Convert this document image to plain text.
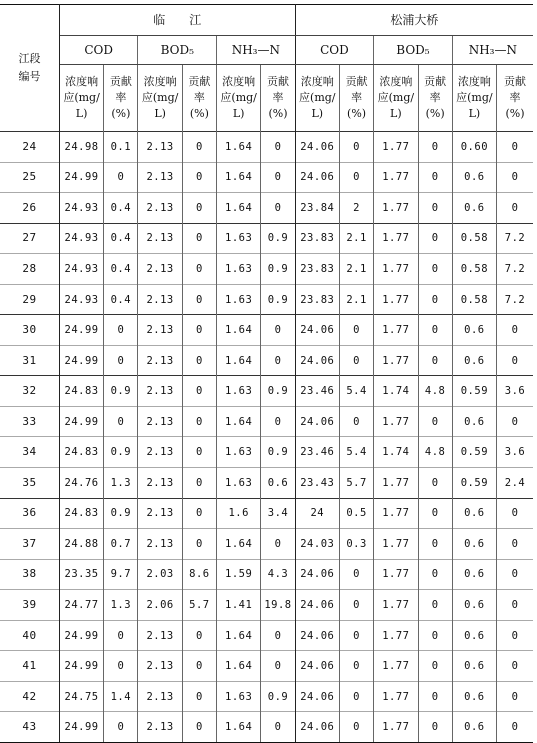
江段编号	临　　江						松浦大桥					
	COD		BOD₅		NH₃—N		COD		BOD₅		NH₃—N	
	浓度响应(mg/L)	贡献率(%)	浓度响应(mg/L)	贡献率(%)	浓度响应(mg/L)	贡献率(%)	浓度响应(mg/L)	贡献率(%)	浓度响应(mg/L)	贡献率(%)	浓度响应(mg/L)	贡献率(%)
24	24.98	0.1	2.13	0	1.64	0	24.06	0	1.77	0	0.60	0
25	24.99	0	2.13	0	1.64	0	24.06	0	1.77	0	0.6	0
26	24.93	0.4	2.13	0	1.64	0	23.84	2	1.77	0	0.6	0
27	24.93	0.4	2.13	0	1.63	0.9	23.83	2.1	1.77	0	0.58	7.2
28	24.93	0.4	2.13	0	1.63	0.9	23.83	2.1	1.77	0	0.58	7.2
29	24.93	0.4	2.13	0	1.63	0.9	23.83	2.1	1.77	0	0.58	7.2
30	24.99	0	2.13	0	1.64	0	24.06	0	1.77	0	0.6	0
31	24.99	0	2.13	0	1.64	0	24.06	0	1.77	0	0.6	0
32	24.83	0.9	2.13	0	1.63	0.9	23.46	5.4	1.74	4.8	0.59	3.6
33	24.99	0	2.13	0	1.64	0	24.06	0	1.77	0	0.6	0
34	24.83	0.9	2.13	0	1.63	0.9	23.46	5.4	1.74	4.8	0.59	3.6
35	24.76	1.3	2.13	0	1.63	0.6	23.43	5.7	1.77	0	0.59	2.4
36	24.83	0.9	2.13	0	1.6	3.4	24	0.5	1.77	0	0.6	0
37	24.88	0.7	2.13	0	1.64	0	24.03	0.3	1.77	0	0.6	0
38	23.35	9.7	2.03	8.6	1.59	4.3	24.06	0	1.77	0	0.6	0
39	24.77	1.3	2.06	5.7	1.41	19.8	24.06	0	1.77	0	0.6	0
40	24.99	0	2.13	0	1.64	0	24.06	0	1.77	0	0.6	0
41	24.99	0	2.13	0	1.64	0	24.06	0	1.77	0	0.6	0
42	24.75	1.4	2.13	0	1.63	0.9	24.06	0	1.77	0	0.6	0
43	24.99	0	2.13	0	1.64	0	24.06	0	1.77	0	0.6	0
